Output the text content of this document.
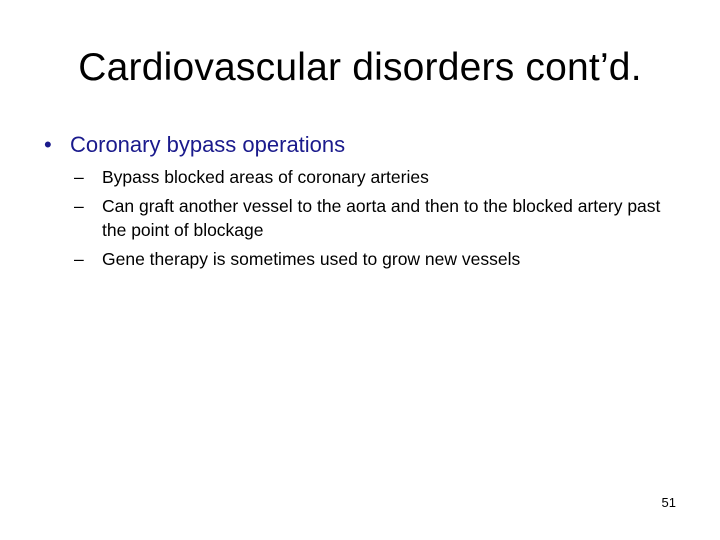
Cardiovascular disorders cont’d.
• Coronary bypass operations
– Bypass blocked areas of coronary arteries
– Can graft another vessel to the aorta and then to the blocked artery past the point of blockage
– Gene therapy is sometimes used to grow new vessels
51
